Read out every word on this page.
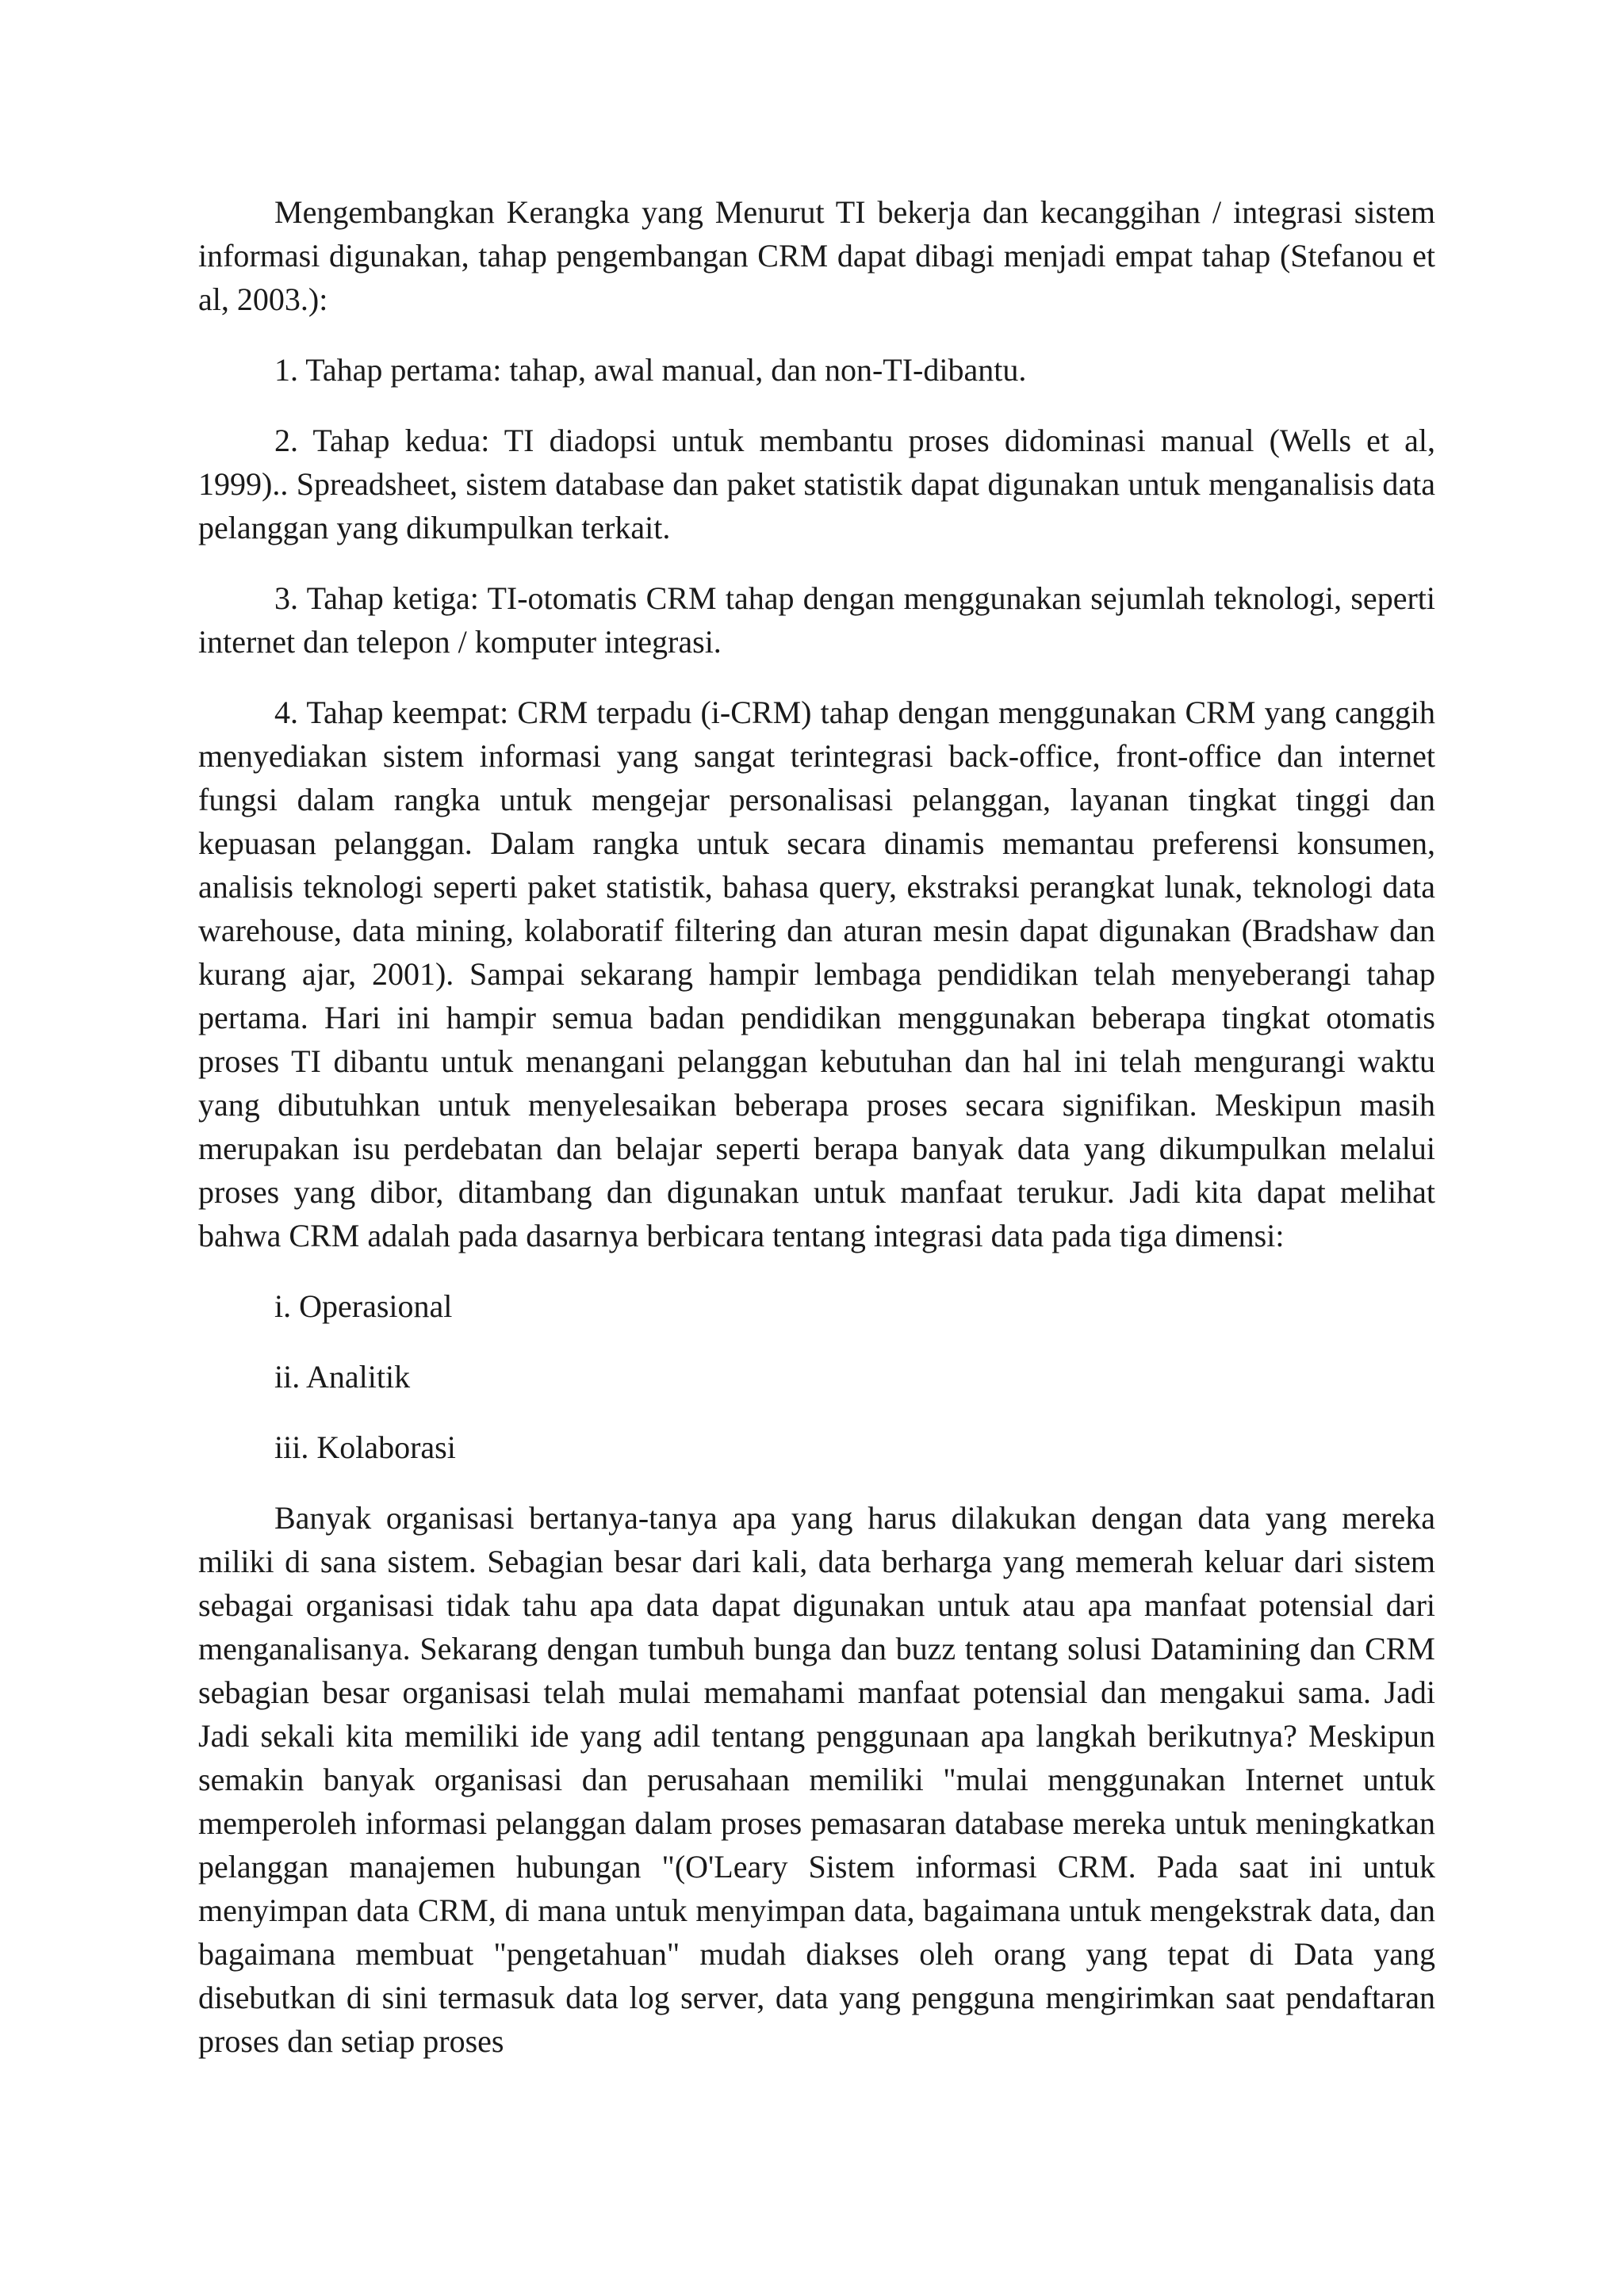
Mengembangkan Kerangka yang Menurut TI bekerja dan kecanggihan / integrasi sistem informasi digunakan, tahap pengembangan CRM dapat dibagi menjadi empat tahap (Stefanou et al, 2003.):

1. Tahap pertama: tahap, awal manual, dan non-TI-dibantu.

2. Tahap kedua: TI diadopsi untuk membantu proses didominasi manual (Wells et al, 1999).. Spreadsheet, sistem database dan paket statistik dapat digunakan untuk menganalisis data pelanggan yang dikumpulkan terkait.

3. Tahap ketiga: TI-otomatis CRM tahap dengan menggunakan sejumlah teknologi, seperti internet dan telepon / komputer integrasi.

4. Tahap keempat: CRM terpadu (i-CRM) tahap dengan menggunakan CRM yang canggih menyediakan sistem informasi yang sangat terintegrasi back-office, front-office dan internet fungsi dalam rangka untuk mengejar personalisasi pelanggan, layanan tingkat tinggi dan kepuasan pelanggan. Dalam rangka untuk secara dinamis memantau preferensi konsumen, analisis teknologi seperti paket statistik, bahasa query, ekstraksi perangkat lunak, teknologi data warehouse, data mining, kolaboratif filtering dan aturan mesin dapat digunakan (Bradshaw dan kurang ajar, 2001). Sampai sekarang hampir lembaga pendidikan telah menyeberangi tahap pertama. Hari ini hampir semua badan pendidikan menggunakan beberapa tingkat otomatis proses TI dibantu untuk menangani pelanggan kebutuhan dan hal ini telah mengurangi waktu yang dibutuhkan untuk menyelesaikan beberapa proses secara signifikan. Meskipun masih merupakan isu perdebatan dan belajar seperti berapa banyak data yang dikumpulkan melalui proses yang dibor, ditambang dan digunakan untuk manfaat terukur. Jadi kita dapat melihat bahwa CRM adalah pada dasarnya berbicara tentang integrasi data pada tiga dimensi:

i. Operasional
ii. Analitik
iii. Kolaborasi

Banyak organisasi bertanya-tanya apa yang harus dilakukan dengan data yang mereka miliki di sana sistem. Sebagian besar dari kali, data berharga yang memerah keluar dari sistem sebagai organisasi tidak tahu apa data dapat digunakan untuk atau apa manfaat potensial dari menganalisanya. Sekarang dengan tumbuh bunga dan buzz tentang solusi Datamining dan CRM sebagian besar organisasi telah mulai memahami manfaat potensial dan mengakui sama. Jadi Jadi sekali kita memiliki ide yang adil tentang penggunaan apa langkah berikutnya? Meskipun semakin banyak organisasi dan perusahaan memiliki "mulai menggunakan Internet untuk memperoleh informasi pelanggan dalam proses pemasaran database mereka untuk meningkatkan pelanggan manajemen hubungan "(O'Leary Sistem informasi CRM. Pada saat ini untuk menyimpan data CRM, di mana untuk menyimpan data, bagaimana untuk mengekstrak data, dan bagaimana membuat "pengetahuan" mudah diakses oleh orang yang tepat di Data yang disebutkan di sini termasuk data log server, data yang pengguna mengirimkan saat pendaftaran proses dan setiap proses
